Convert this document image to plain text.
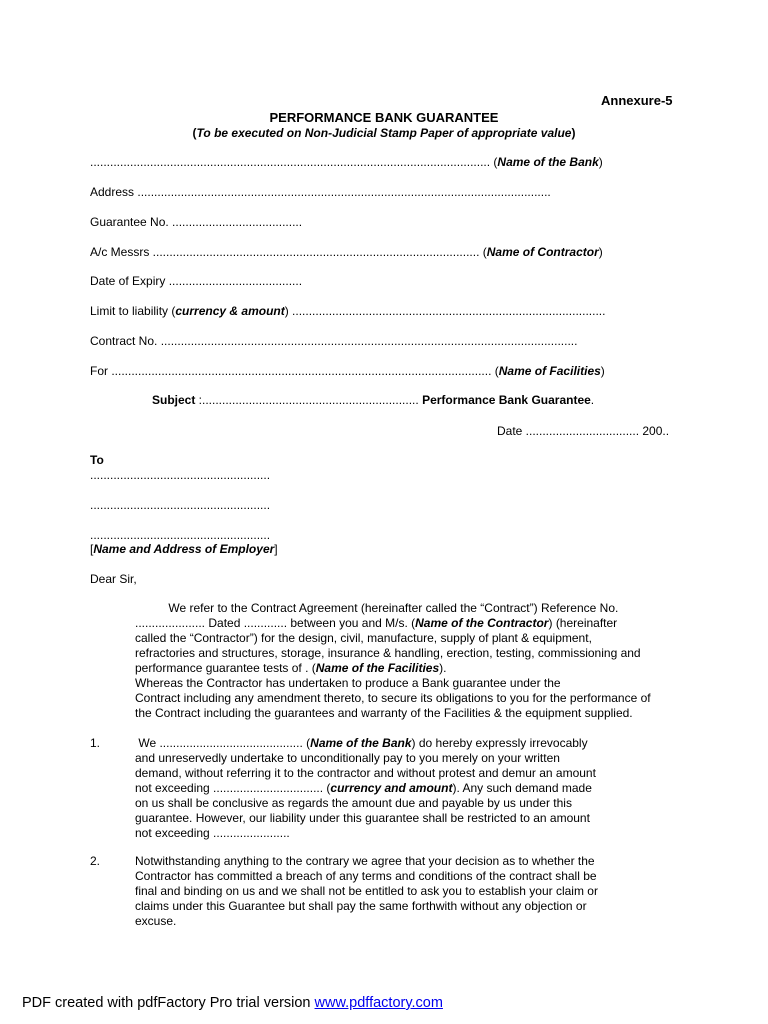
Annexure-5
PERFORMANCE BANK GUARANTEE
(To be executed on Non-Judicial Stamp Paper of appropriate value)
........................................................................................................................ (Name of the Bank)
Address ............................................................................................................................
Guarantee No. .......................................
A/c Messrs .................................................................................................. (Name of Contractor)
Date of Expiry ........................................
Limit to liability (currency & amount) ..............................................................................................
Contract No. .............................................................................................................................
For .................................................................................................................. (Name of Facilities)
Subject :................................................................. Performance Bank Guarantee.
Date .................................. 200..
To
......................................................
......................................................
......................................................
[Name and Address of Employer]
Dear Sir,
We refer to the Contract Agreement (hereinafter called the “Contract”) Reference No.
..................... Dated ............. between you and M/s. (Name of the Contractor) (hereinafter
called the “Contractor”) for the design, civil, manufacture, supply of plant & equipment,
refractories and structures, storage, insurance & handling, erection, testing, commissioning and
performance guarantee tests of . (Name of the Facilities).
Whereas the Contractor has undertaken to produce a Bank guarantee under the
Contract including any amendment thereto, to secure its obligations to you for the performance of
the Contract including the guarantees and warranty of the Facilities & the equipment supplied.
1.	We ........................................... (Name of the Bank) do hereby expressly irrevocably
and unreservedly undertake to unconditionally pay to you merely on your written
demand, without referring it to the contractor and without protest and demur an amount
not exceeding ................................. (currency and amount). Any such demand made
on us shall be conclusive as regards the amount due and payable by us under this
guarantee. However, our liability under this guarantee shall be restricted to an amount
not exceeding .......................
2.	Notwithstanding anything to the contrary we agree that your decision as to whether the
Contractor has committed a breach of any terms and conditions of the contract shall be
final and binding on us and we shall not be entitled to ask you to establish your claim or
claims under this Guarantee but shall pay the same forthwith without any objection or
excuse.
PDF created with pdfFactory Pro trial version www.pdffactory.com
